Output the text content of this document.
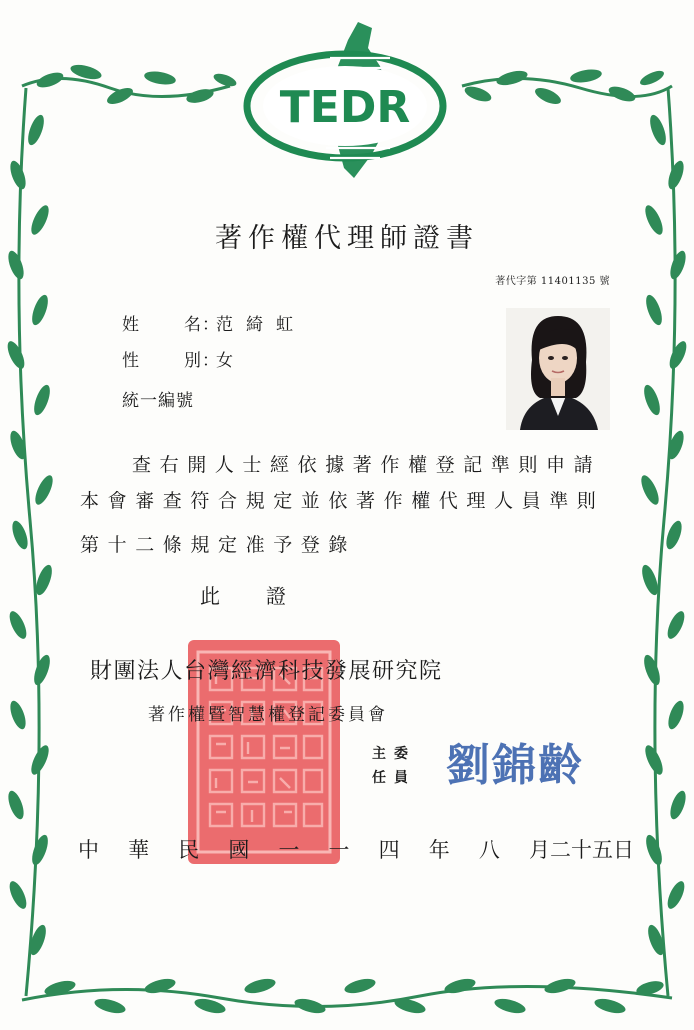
TEDR
著作權代理師證書
著代字第 11401135 號
姓　　名：范綺虹
性　　別：女
統一編號
查右開人士經依據著作權登記準則申請
本會審查符合規定並依著作權代理人員準則
第十二條規定准予登錄
此 證
財團法人台灣經濟科技發展研究院
著作權暨智慧權登記委員會
主委
任員 劉錦齡
中 華 民 國 一 一 四 年 八 月二十五日
